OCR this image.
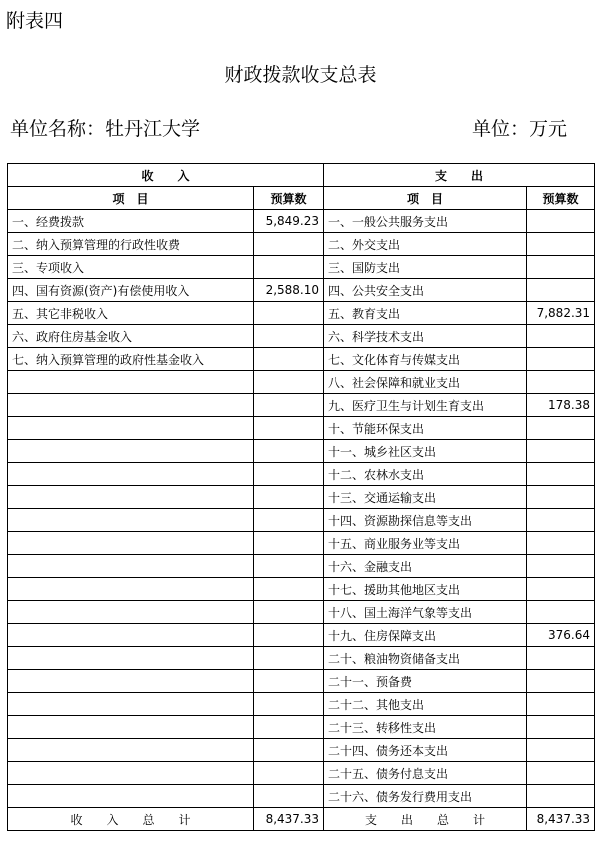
附表四
财政拨款收支总表
单位名称：牡丹江大学	单位：万元
收　　入		支　　出	
项　目	预算数	项　目	预算数
一、经费拨款	5,849.23	一、一般公共服务支出	
二、纳入预算管理的行政性收费		二、外交支出	
三、专项收入		三、国防支出	
四、国有资源(资产)有偿使用收入	2,588.10	四、公共安全支出	
五、其它非税收入		五、教育支出	7,882.31
六、政府住房基金收入		六、科学技术支出	
七、纳入预算管理的政府性基金收入		七、文化体育与传媒支出	
		八、社会保障和就业支出	
		九、医疗卫生与计划生育支出	178.38
		十、节能环保支出	
		十一、城乡社区支出	
		十二、农林水支出	
		十三、交通运输支出	
		十四、资源勘探信息等支出	
		十五、商业服务业等支出	
		十六、金融支出	
		十七、援助其他地区支出	
		十八、国土海洋气象等支出	
		十九、住房保障支出	376.64
		二十、粮油物资储备支出	
		二十一、预备费	
		二十二、其他支出	
		二十三、转移性支出	
		二十四、债务还本支出	
		二十五、债务付息支出	
		二十六、债务发行费用支出	
收　　入　　总　　计	8,437.33	支　　出　　总　　计	8,437.33
